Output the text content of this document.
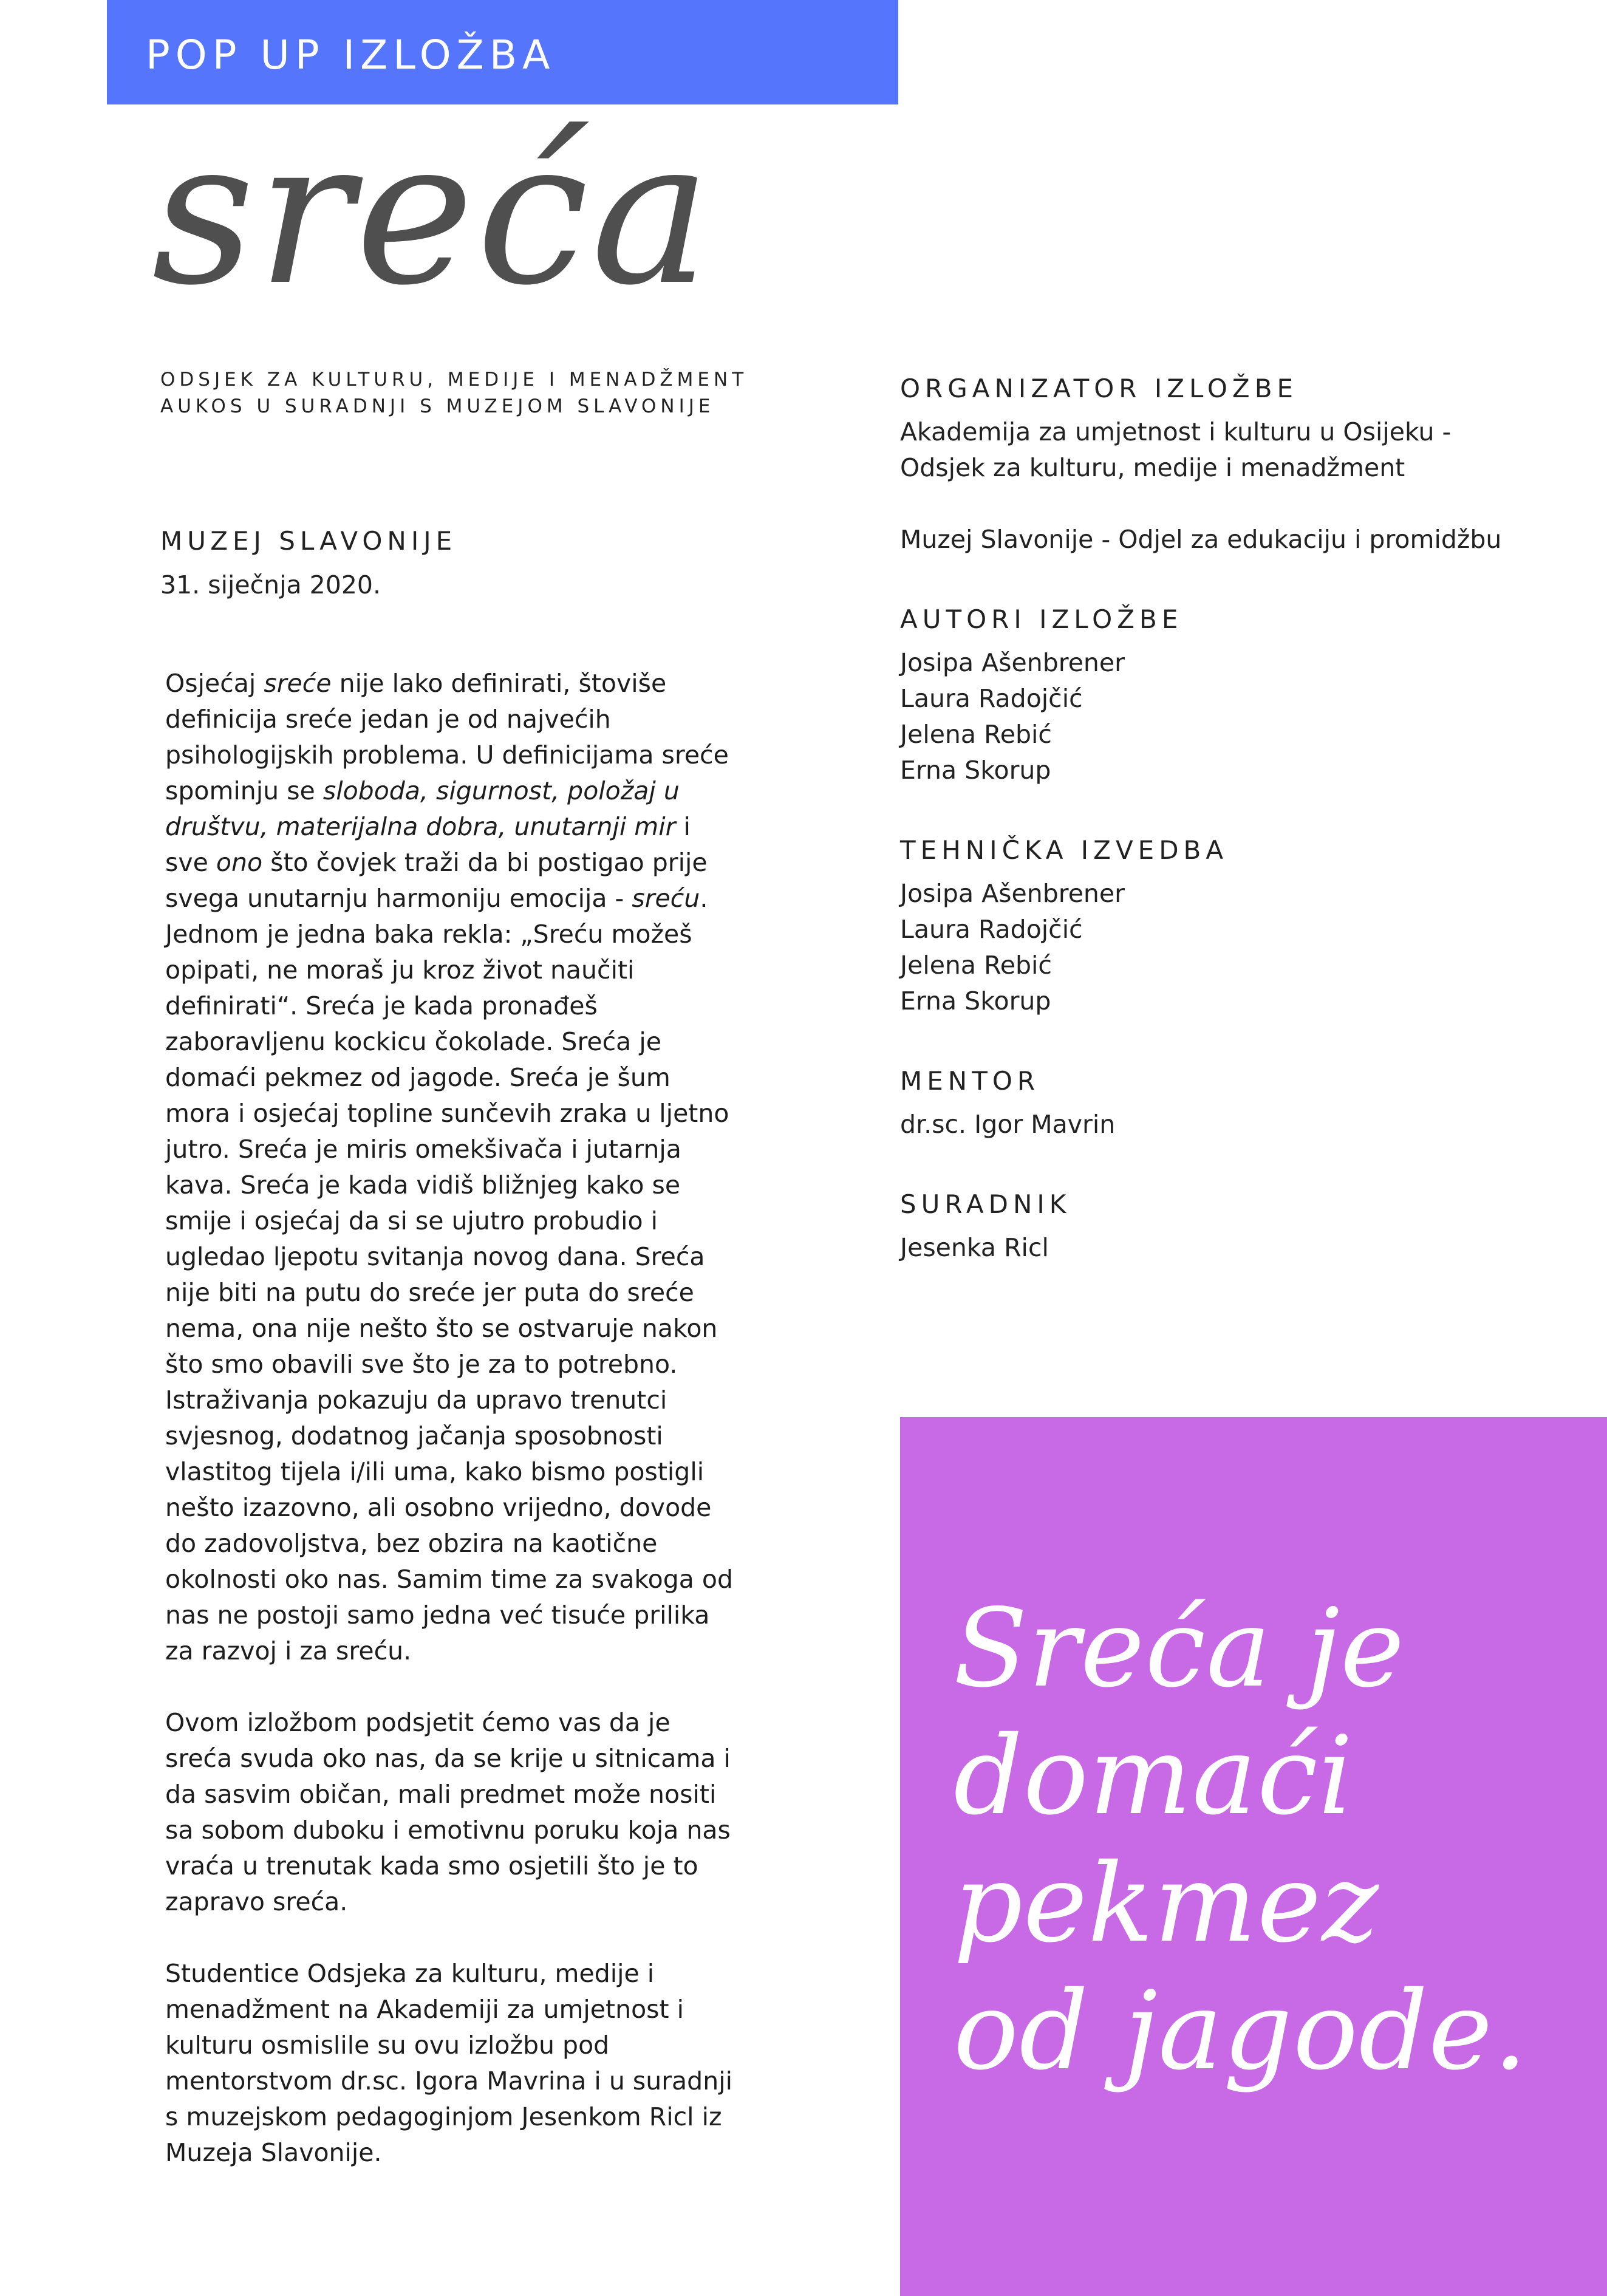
POP UP IZLOŽBA
sreća
ODSJEK ZA KULTURU, MEDIJE I MENADŽMENT
AUKOS U SURADNJI S MUZEJOM SLAVONIJE
MUZEJ SLAVONIJE
31. siječnja 2020.

Osjećaj sreće nije lako definirati, štoviše definicija sreće jedan je od najvećih psihologijskih problema. U definicijama sreće spominju se sloboda, sigurnost, položaj u društvu, materijalna dobra, unutarnji mir i sve ono što čovjek traži da bi postigao prije svega unutarnju harmoniju emocija - sreću. Jednom je jedna baka rekla: „Sreću možeš opipati, ne moraš ju kroz život naučiti definirati“. Sreća je kada pronađeš zaboravljenu kockicu čokolade. Sreća je domaći pekmez od jagode. Sreća je šum mora i osjećaj topline sunčevih zraka u ljetno jutro. Sreća je miris omekšivača i jutarnja kava. Sreća je kada vidiš bližnjeg kako se smije i osjećaj da si se ujutro probudio i ugledao ljepotu svitanja novog dana. Sreća nije biti na putu do sreće jer puta do sreće nema, ona nije nešto što se ostvaruje nakon što smo obavili sve što je za to potrebno. Istraživanja pokazuju da upravo trenutci svjesnog, dodatnog jačanja sposobnosti vlastitog tijela i/ili uma, kako bismo postigli nešto izazovno, ali osobno vrijedno, dovode do zadovoljstva, bez obzira na kaotične okolnosti oko nas. Samim time za svakoga od nas ne postoji samo jedna već tisuće prilika za razvoj i za sreću.

Ovom izložbom podsjetit ćemo vas da je sreća svuda oko nas, da se krije u sitnicama i da sasvim običan, mali predmet može nositi sa sobom duboku i emotivnu poruku koja nas vraća u trenutak kada smo osjetili što je to zapravo sreća.

Studentice Odsjeka za kulturu, medije i menadžment na Akademiji za umjetnost i kulturu osmislile su ovu izložbu pod mentorstvom dr.sc. Igora Mavrina i u suradnji s muzejskom pedagoginjom Jesenkom Ricl iz Muzeja Slavonije.

ORGANIZATOR IZLOŽBE
Akademija za umjetnost i kulturu u Osijeku -
Odsjek za kulturu, medije i menadžment
Muzej Slavonije - Odjel za edukaciju i promidžbu
AUTORI IZLOŽBE
Josipa Ašenbrener
Laura Radojčić
Jelena Rebić
Erna Skorup
TEHNIČKA IZVEDBA
Josipa Ašenbrener
Laura Radojčić
Jelena Rebić
Erna Skorup
MENTOR
dr.sc. Igor Mavrin
SURADNIK
Jesenka Ricl
Sreća je
domaći
pekmez
od jagode.
